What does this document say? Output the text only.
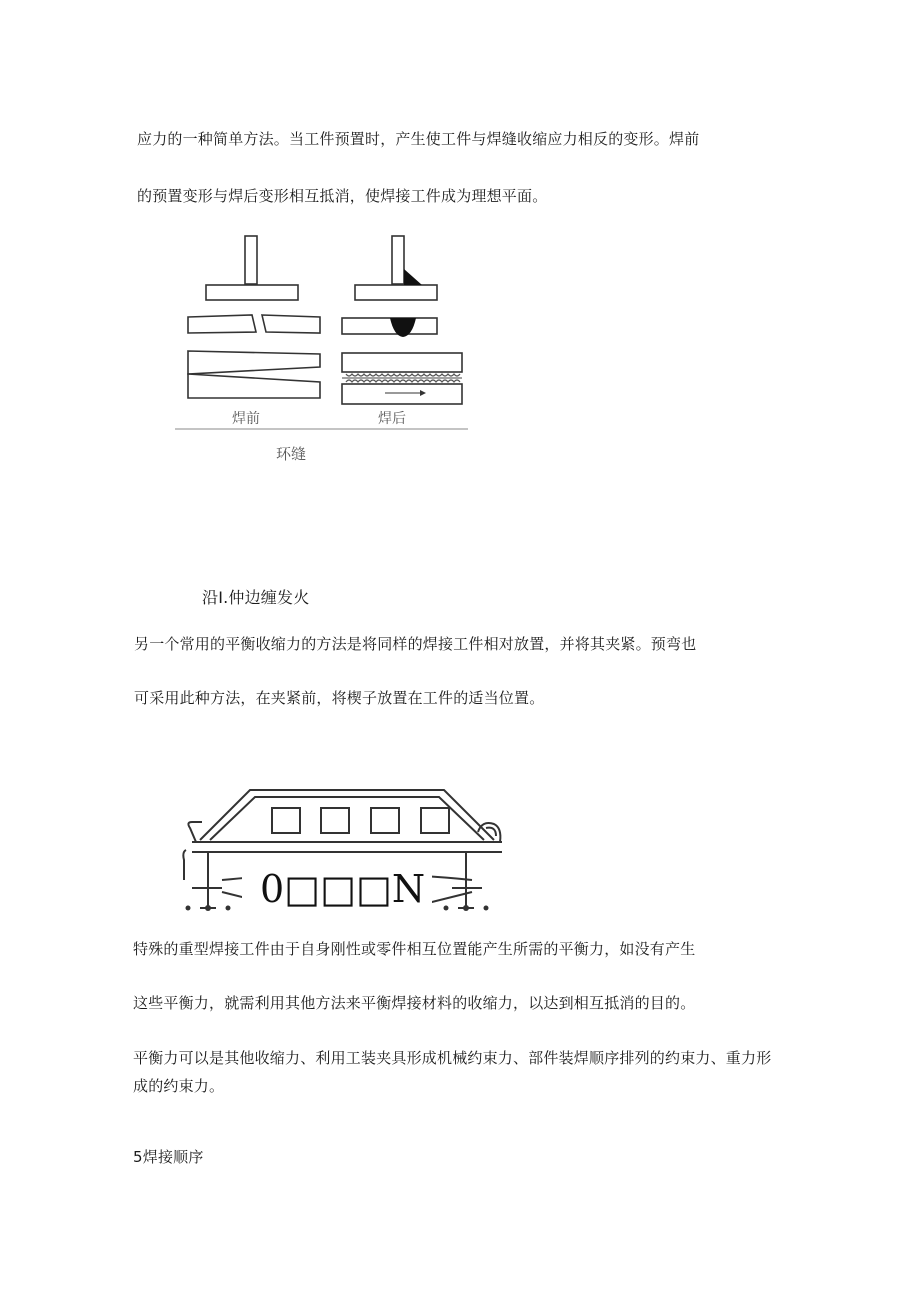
应力的一种简单方法。当工件预置时，产生使工件与焊缝收缩应力相反的变形。焊前
的预置变形与焊后变形相互抵消，使焊接工件成为理想平面。
焊前	焊后
环缝
沿Ⅰ.仲边缠发火
另一个常用的平衡收缩力的方法是将同样的焊接工件相对放置，并将其夹紧。预弯也
可采用此种方法，在夹紧前，将楔子放置在工件的适当位置。
0□□□N
特殊的重型焊接工件由于自身刚性或零件相互位置能产生所需的平衡力，如没有产生
这些平衡力，就需利用其他方法来平衡焊接材料的收缩力，以达到相互抵消的目的。
平衡力可以是其他收缩力、利用工装夹具形成机械约束力、部件装焊顺序排列的约束力、重力形
成的约束力。
5焊接顺序
